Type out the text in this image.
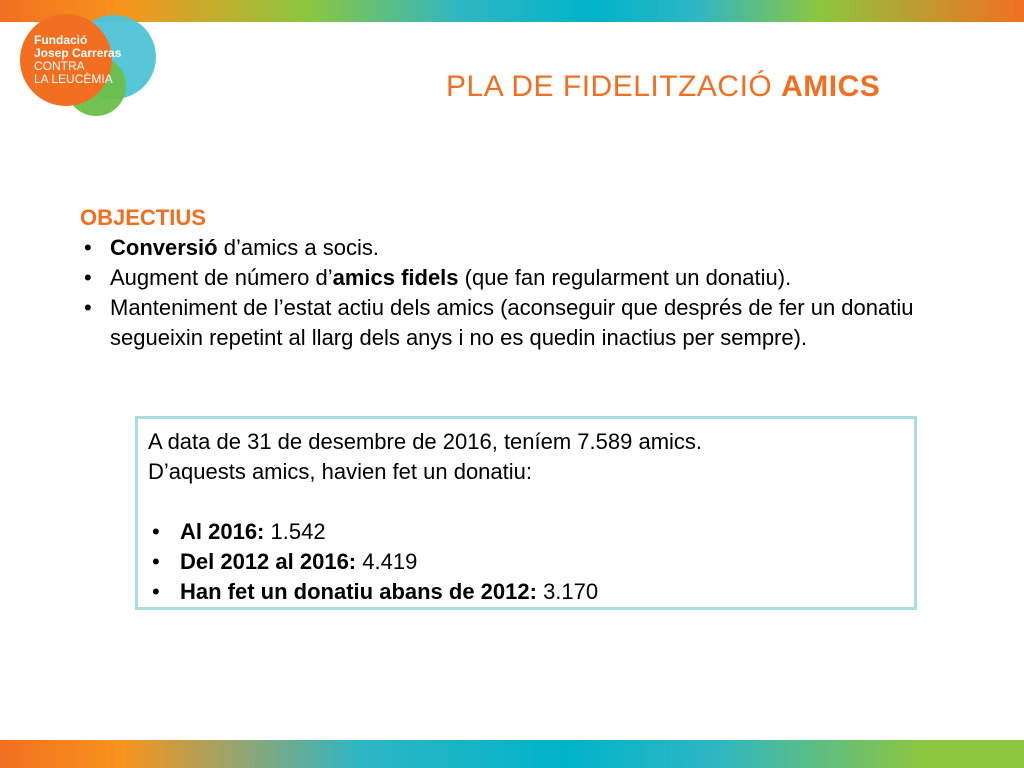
Fundació
Josep Carreras
CONTRA
LA LEUCÈMIA	PLA DE FIDELITZACIÓ AMICS
OBJECTIUS
• Conversió d’amics a socis.
• Augment de número d’amics fidels (que fan regularment un donatiu).
• Manteniment de l’estat actiu dels amics (aconseguir que després de fer un donatiu segueixin repetint al llarg dels anys i no es quedin inactius per sempre).
A data de 31 de desembre de 2016, teníem 7.589 amics.
D’aquests amics, havien fet un donatiu:
• Al 2016: 1.542
• Del 2012 al 2016: 4.419
• Han fet un donatiu abans de 2012: 3.170
